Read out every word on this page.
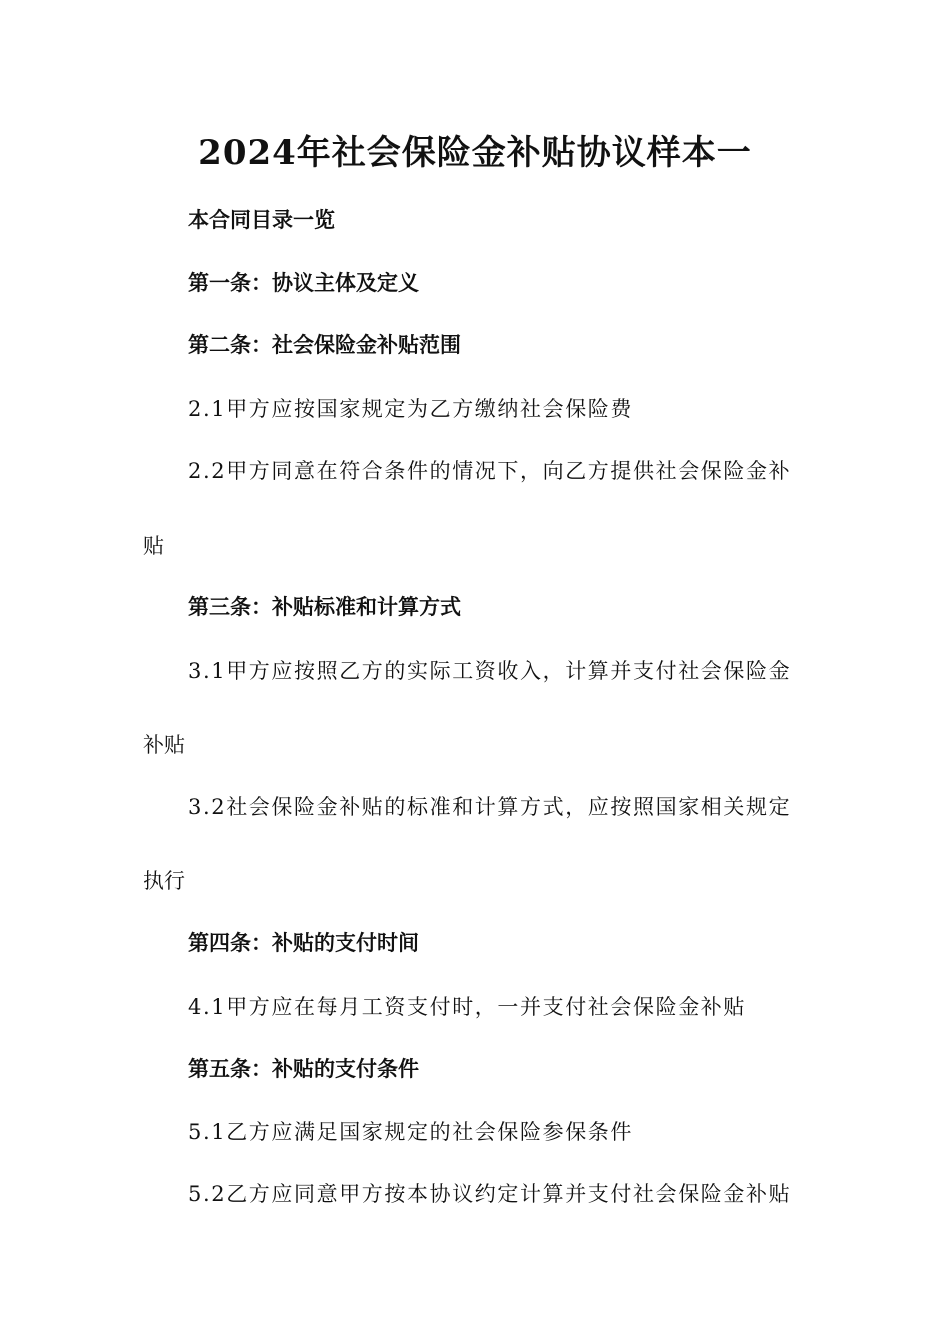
2024年社会保险金补贴协议样本一
本合同目录一览
第一条：协议主体及定义
第二条：社会保险金补贴范围
2.1甲方应按国家规定为乙方缴纳社会保险费
2.2甲方同意在符合条件的情况下，向乙方提供社会保险金补
贴
第三条：补贴标准和计算方式
3.1甲方应按照乙方的实际工资收入，计算并支付社会保险金
补贴
3.2社会保险金补贴的标准和计算方式，应按照国家相关规定
执行
第四条：补贴的支付时间
4.1甲方应在每月工资支付时，一并支付社会保险金补贴
第五条：补贴的支付条件
5.1乙方应满足国家规定的社会保险参保条件
5.2乙方应同意甲方按本协议约定计算并支付社会保险金补贴
